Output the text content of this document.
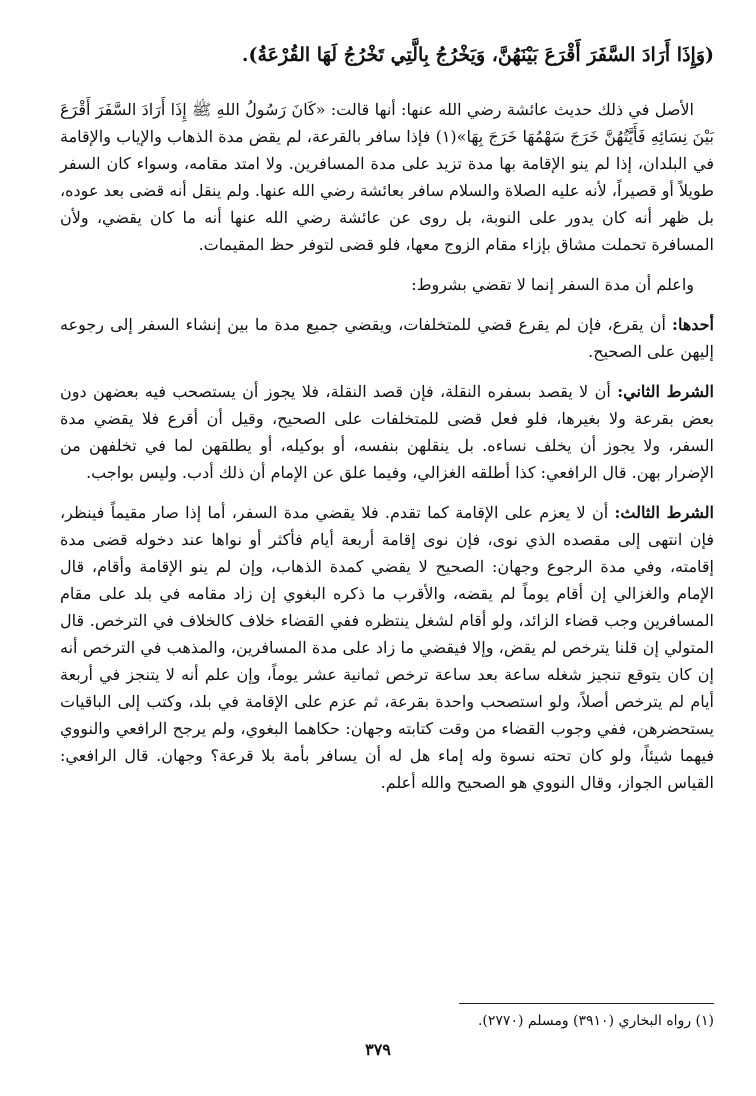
(وَإِذَا أَرَادَ السَّفَرَ أَقْرَعَ بَيْنَهُنَّ، وَيَخْرُجُ بِالَّتِي تَخْرُجُ لَهَا القُرْعَةُ).

الأصل في ذلك حديث عائشة رضي الله عنها: أنها قالت: «كَانَ رَسُولُ اللهِ ﷺ إِذَا أَرَادَ السَّفَرَ أَقْرَعَ بَيْنَ نِسَائِهِ فَأَيَّتُهُنَّ خَرَجَ سَهْمُهَا خَرَجَ بِهَا»(١) فإذا سافر بالقرعة، لم يقض مدة الذهاب والإياب والإقامة في البلدان، إذا لم ينو الإقامة بها مدة تزيد على مدة المسافرين. ولا امتد مقامه، وسواء كان السفر طويلاً أو قصيراً، لأنه عليه الصلاة والسلام سافر بعائشة رضي الله عنها. ولم ينقل أنه قضى بعد عوده، بل ظهر أنه كان يدور على النوبة، بل روى عن عائشة رضي الله عنها أنه ما كان يقضي، ولأن المسافرة تحملت مشاق بإزاء مقام الزوج معها، فلو قضى لتوفر حظ المقيمات.

واعلم أن مدة السفر إنما لا تقضي بشروط:

أحدها: أن يقرع، فإن لم يقرع قضي للمتخلفات، ويقضي جميع مدة ما بين إنشاء السفر إلى رجوعه إليهن على الصحيح.

الشرط الثاني: أن لا يقصد بسفره النقلة، فإن قصد النقلة، فلا يجوز أن يستصحب فيه بعضهن دون بعض بقرعة ولا بغيرها، فلو فعل قضى للمتخلفات على الصحيح، وقيل أن أقرع فلا يقضي مدة السفر، ولا يجوز أن يخلف نساءه. بل ينقلهن بنفسه، أو بوكيله، أو يطلقهن لما في تخلفهن من الإضرار بهن. قال الرافعي: كذا أطلقه الغزالي، وفيما علق عن الإمام أن ذلك أدب. وليس بواجب.

الشرط الثالث: أن لا يعزم على الإقامة كما تقدم. فلا يقضي مدة السفر، أما إذا صار مقيماً فينظر، فإن انتهى إلى مقصده الذي نوى، فإن نوى إقامة أربعة أيام فأكثر أو نواها عند دخوله قضى مدة إقامته، وفي مدة الرجوع وجهان: الصحيح لا يقضي كمدة الذهاب، وإن لم ينو الإقامة وأقام، قال الإمام والغزالي إن أقام يوماً لم يقضه، والأقرب ما ذكره البغوي إن زاد مقامه في بلد على مقام المسافرين وجب قضاء الزائد، ولو أقام لشغل ينتظره ففي القضاء خلاف كالخلاف في الترخص. قال المتولي إن قلنا يترخص لم يقض، وإلا فيقضي ما زاد على مدة المسافرين، والمذهب في الترخص أنه إن كان يتوقع تنجيز شغله ساعة بعد ساعة ترخص ثمانية عشر يوماً، وإن علم أنه لا يتنجز في أربعة أيام لم يترخص أصلاً، ولو استصحب واحدة بقرعة، ثم عزم على الإقامة في بلد، وكتب إلى الباقيات يستحضرهن، ففي وجوب القضاء من وقت كتابته وجهان: حكاهما البغوي، ولم يرجح الرافعي والنووي فيهما شيئاً، ولو كان تحته نسوة وله إماء هل له أن يسافر بأمة بلا قرعة؟ وجهان. قال الرافعي: القياس الجواز، وقال النووي هو الصحيح والله أعلم.

(١) رواه البخاري (٣٩١٠) ومسلم (٢٧٧٠).
٣٧٩
